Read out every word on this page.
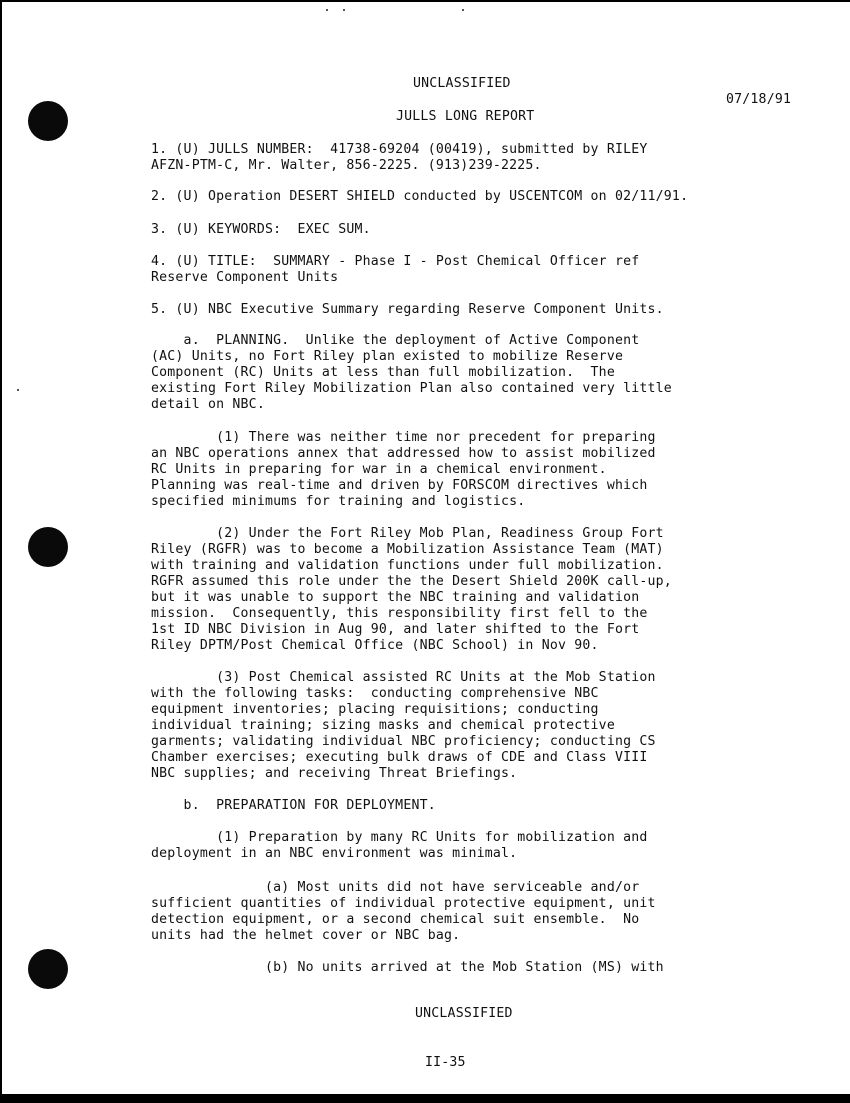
UNCLASSIFIED
07/18/91
JULLS LONG REPORT
1. (U) JULLS NUMBER:  41738-69204 (00419), submitted by RILEY
AFZN-PTM-C, Mr. Walter, 856-2225. (913)239-2225.
2. (U) Operation DESERT SHIELD conducted by USCENTCOM on 02/11/91.
3. (U) KEYWORDS:  EXEC SUM.
4. (U) TITLE:  SUMMARY - Phase I - Post Chemical Officer ref
Reserve Component Units
5. (U) NBC Executive Summary regarding Reserve Component Units.
a.  PLANNING.  Unlike the deployment of Active Component
(AC) Units, no Fort Riley plan existed to mobilize Reserve
Component (RC) Units at less than full mobilization.  The
existing Fort Riley Mobilization Plan also contained very little
detail on NBC.
(1) There was neither time nor precedent for preparing
an NBC operations annex that addressed how to assist mobilized
RC Units in preparing for war in a chemical environment.
Planning was real-time and driven by FORSCOM directives which
specified minimums for training and logistics.
(2) Under the Fort Riley Mob Plan, Readiness Group Fort
Riley (RGFR) was to become a Mobilization Assistance Team (MAT)
with training and validation functions under full mobilization.
RGFR assumed this role under the the Desert Shield 200K call-up,
but it was unable to support the NBC training and validation
mission.  Consequently, this responsibility first fell to the
1st ID NBC Division in Aug 90, and later shifted to the Fort
Riley DPTM/Post Chemical Office (NBC School) in Nov 90.
(3) Post Chemical assisted RC Units at the Mob Station
with the following tasks:  conducting comprehensive NBC
equipment inventories; placing requisitions; conducting
individual training; sizing masks and chemical protective
garments; validating individual NBC proficiency; conducting CS
Chamber exercises; executing bulk draws of CDE and Class VIII
NBC supplies; and receiving Threat Briefings.
b.  PREPARATION FOR DEPLOYMENT.
(1) Preparation by many RC Units for mobilization and
deployment in an NBC environment was minimal.
(a) Most units did not have serviceable and/or
sufficient quantities of individual protective equipment, unit
detection equipment, or a second chemical suit ensemble.  No
units had the helmet cover or NBC bag.
(b) No units arrived at the Mob Station (MS) with
UNCLASSIFIED
II-35
